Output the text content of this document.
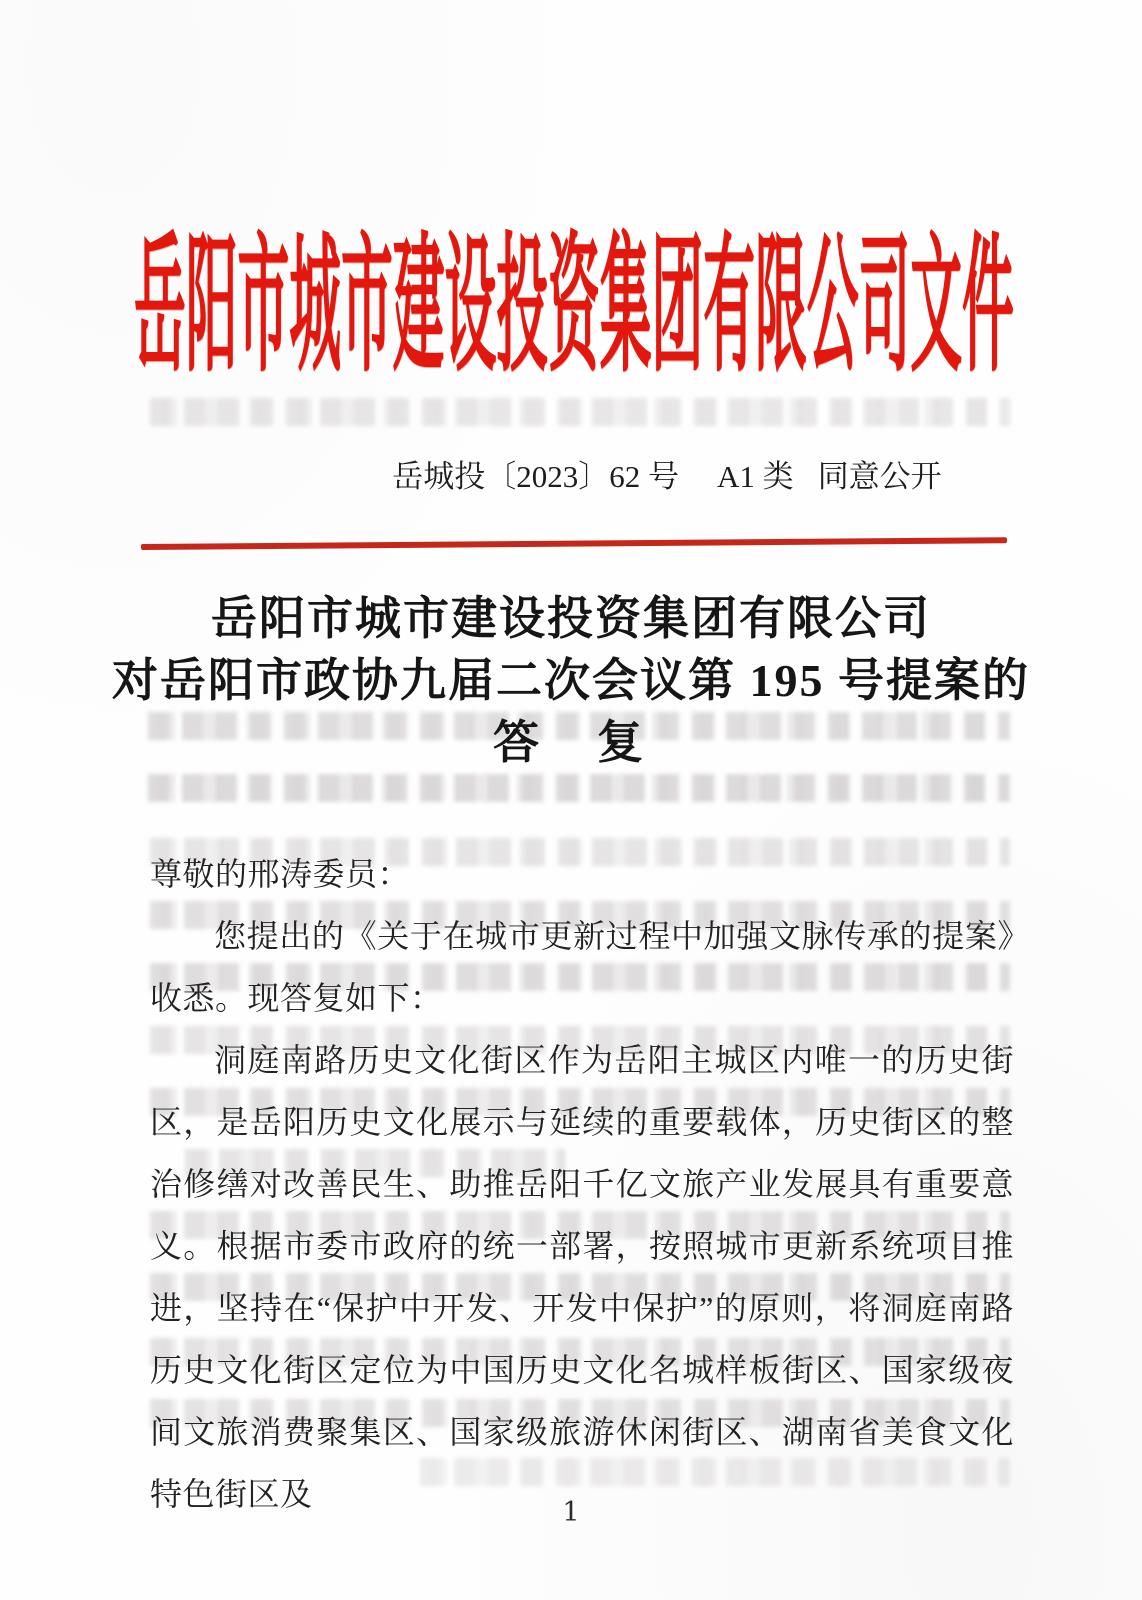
岳阳市城市建设投资集团有限公司文件
岳城投〔2023〕62 号 A1 类 同意公开
岳阳市城市建设投资集团有限公司
对岳阳市政协九届二次会议第 195 号提案的
答　复
尊敬的邢涛委员：

您提出的《关于在城市更新过程中加强文脉传承的提案》收悉。现答复如下：

洞庭南路历史文化街区作为岳阳主城区内唯一的历史街区，是岳阳历史文化展示与延续的重要载体，历史街区的整治修缮对改善民生、助推岳阳千亿文旅产业发展具有重要意义。根据市委市政府的统一部署，按照城市更新系统项目推进，坚持在“保护中开发、开发中保护”的原则，将洞庭南路历史文化街区定位为中国历史文化名城样板街区、国家级夜间文旅消费聚集区、国家级旅游休闲街区、湖南省美食文化特色街区及

1
